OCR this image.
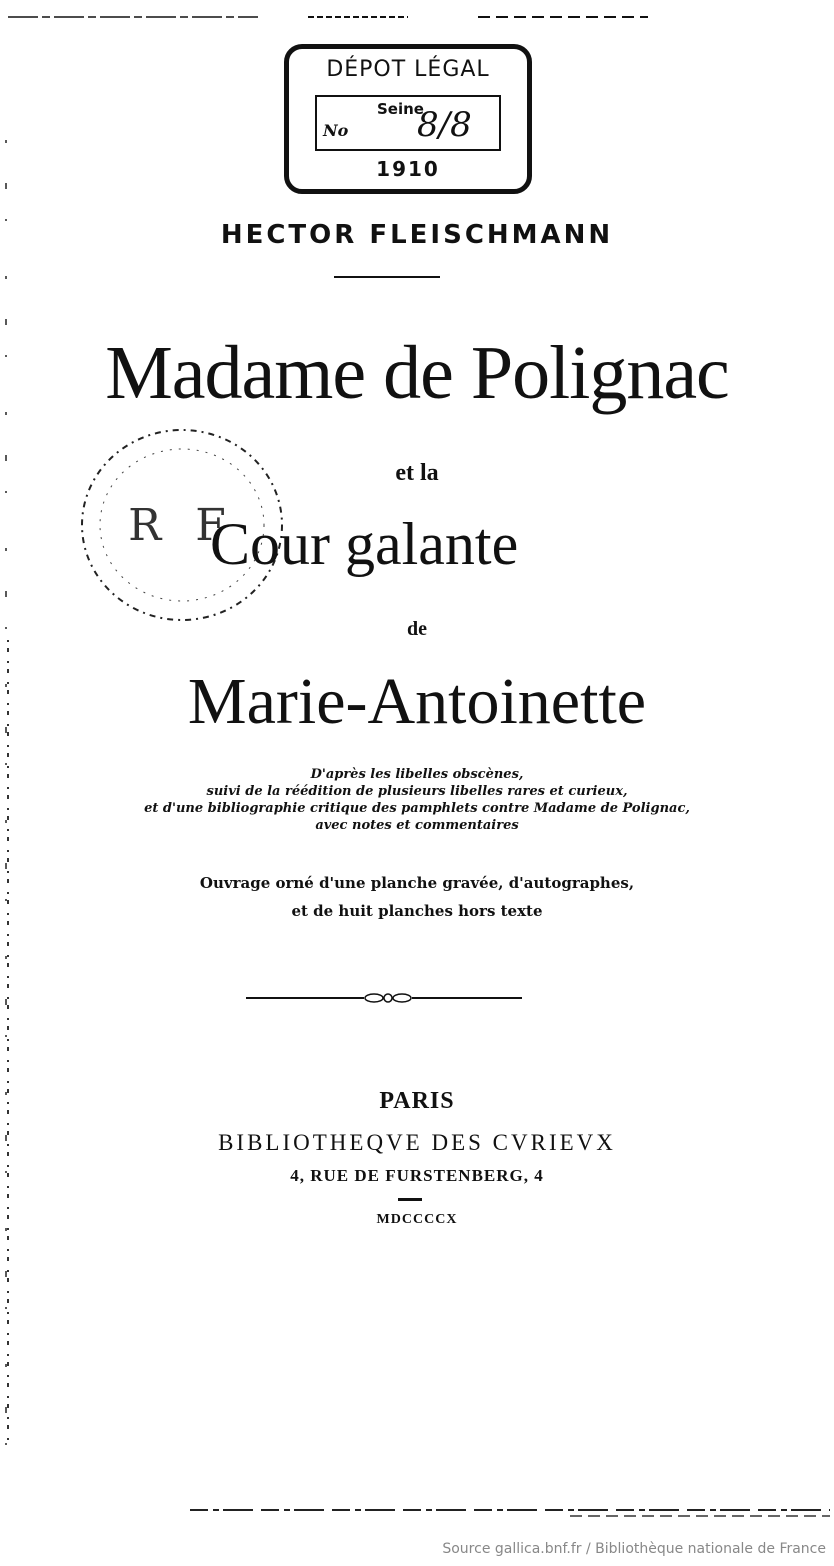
DÉPOT LÉGAL
Seine
No 8/8
1910
HECTOR FLEISCHMANN
Madame de Polignac
R F
et la
Cour galante
de
Marie-Antoinette
D'après les libelles obscènes,
suivi de la réédition de plusieurs libelles rares et curieux,
et d'une bibliographie critique des pamphlets contre Madame de Polignac,
avec notes et commentaires
Ouvrage orné d'une planche gravée, d'autographes,
et de huit planches hors texte
PARIS
BIBLIOTHEQVE DES CVRIEVX
4, RUE DE FURSTENBERG, 4
MDCCCCX
Source gallica.bnf.fr / Bibliothèque nationale de France
